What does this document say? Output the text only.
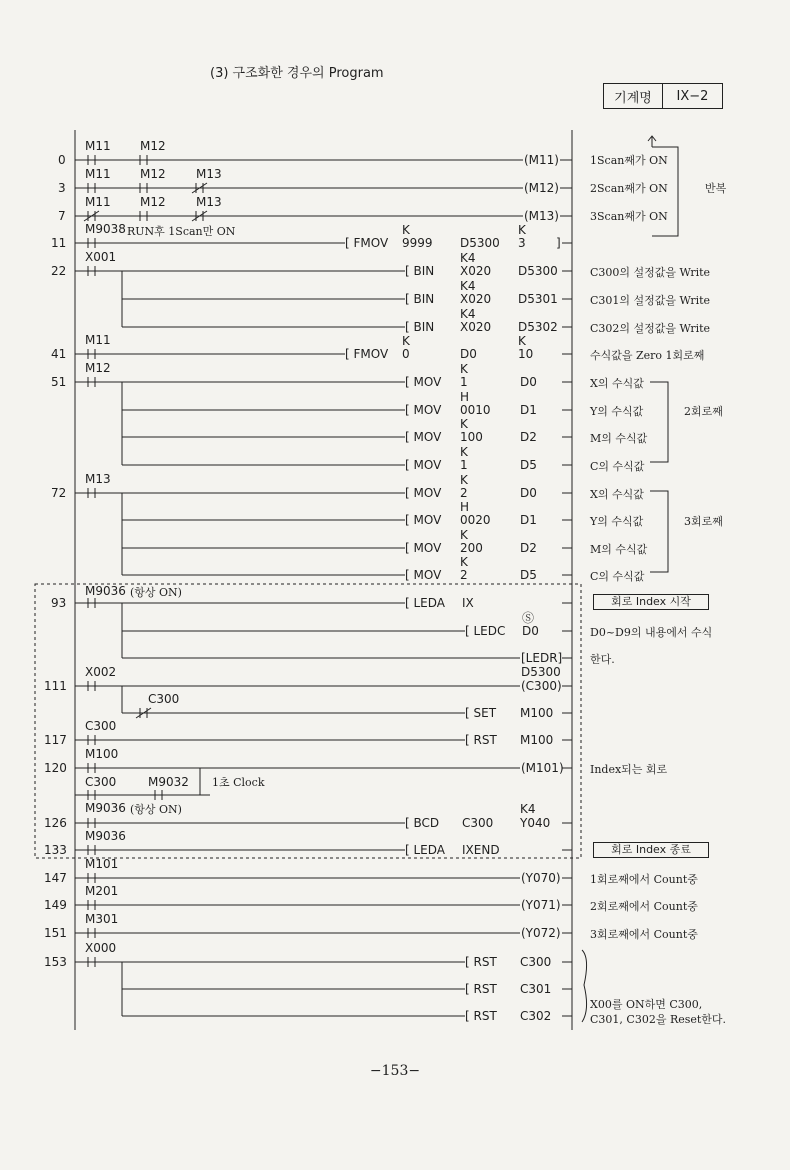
(3) 구조화한 경우의 Program
기계명	IX−2
0
3
7
11
22
41
51
72
93
111
117
120
126
133
147
149
151
153
M11 M12
M11 M12	M13
M11 M12	M13
M9038 RUN후 1Scan만 ON
X001
M11
M12
M13
M9036 (항상 ON)
X002
C300
C300
M100
C300	M9032 1초 Clock
M9036 (항상 ON)
M9036
M101
M201
M301
X000
(M11)
(M12)
(M13)
(C300)
(M101)
(Y070)
(Y071)
(Y072)
[ FMOV 9999 D5300 3	]
K	K
[ BIN X020 D5300
K4
[ BIN X020 D5301
K4
[ BIN X020 D5302
K4
[ FMOV 0	D0	10
K	K
[ MOV 1	D0
K
[ MOV 0010 D1
H
[ MOV 100	D2
K
[ MOV 1	D5
K
[ MOV 2	D0
K
[ MOV 0020 D1
H
[ MOV 200	D2
K
[ MOV 2	D5
K
[ LEDA IX
[ LEDC D0
Ⓢ
[LEDR]
D5300
[ SET M100
[ RST M100
[ BCD C300 Y040
K4
[ LEDA IXEND
[ RST C300
[ RST C301
[ RST C302
1Scan째가 ON
2Scan째가 ON
3Scan째가 ON
반복
C300의 설정값을 Write
C301의 설정값을 Write
C302의 설정값을 Write
수식값을 Zero 1회로째
X의 수식값
Y의 수식값
M의 수식값
C의 수식값
2회로째
X의 수식값
Y의 수식값
M의 수식값
C의 수식값
3회로째
D0~D9의 내용에서 수식
한다.
Index되는 회로
1회로째에서 Count중
2회로째에서 Count중
3회로째에서 Count중
X00를 ON하면 C300,
C301, C302을 Reset한다.
회로 Index 시작
회로 Index 종료
−153−
